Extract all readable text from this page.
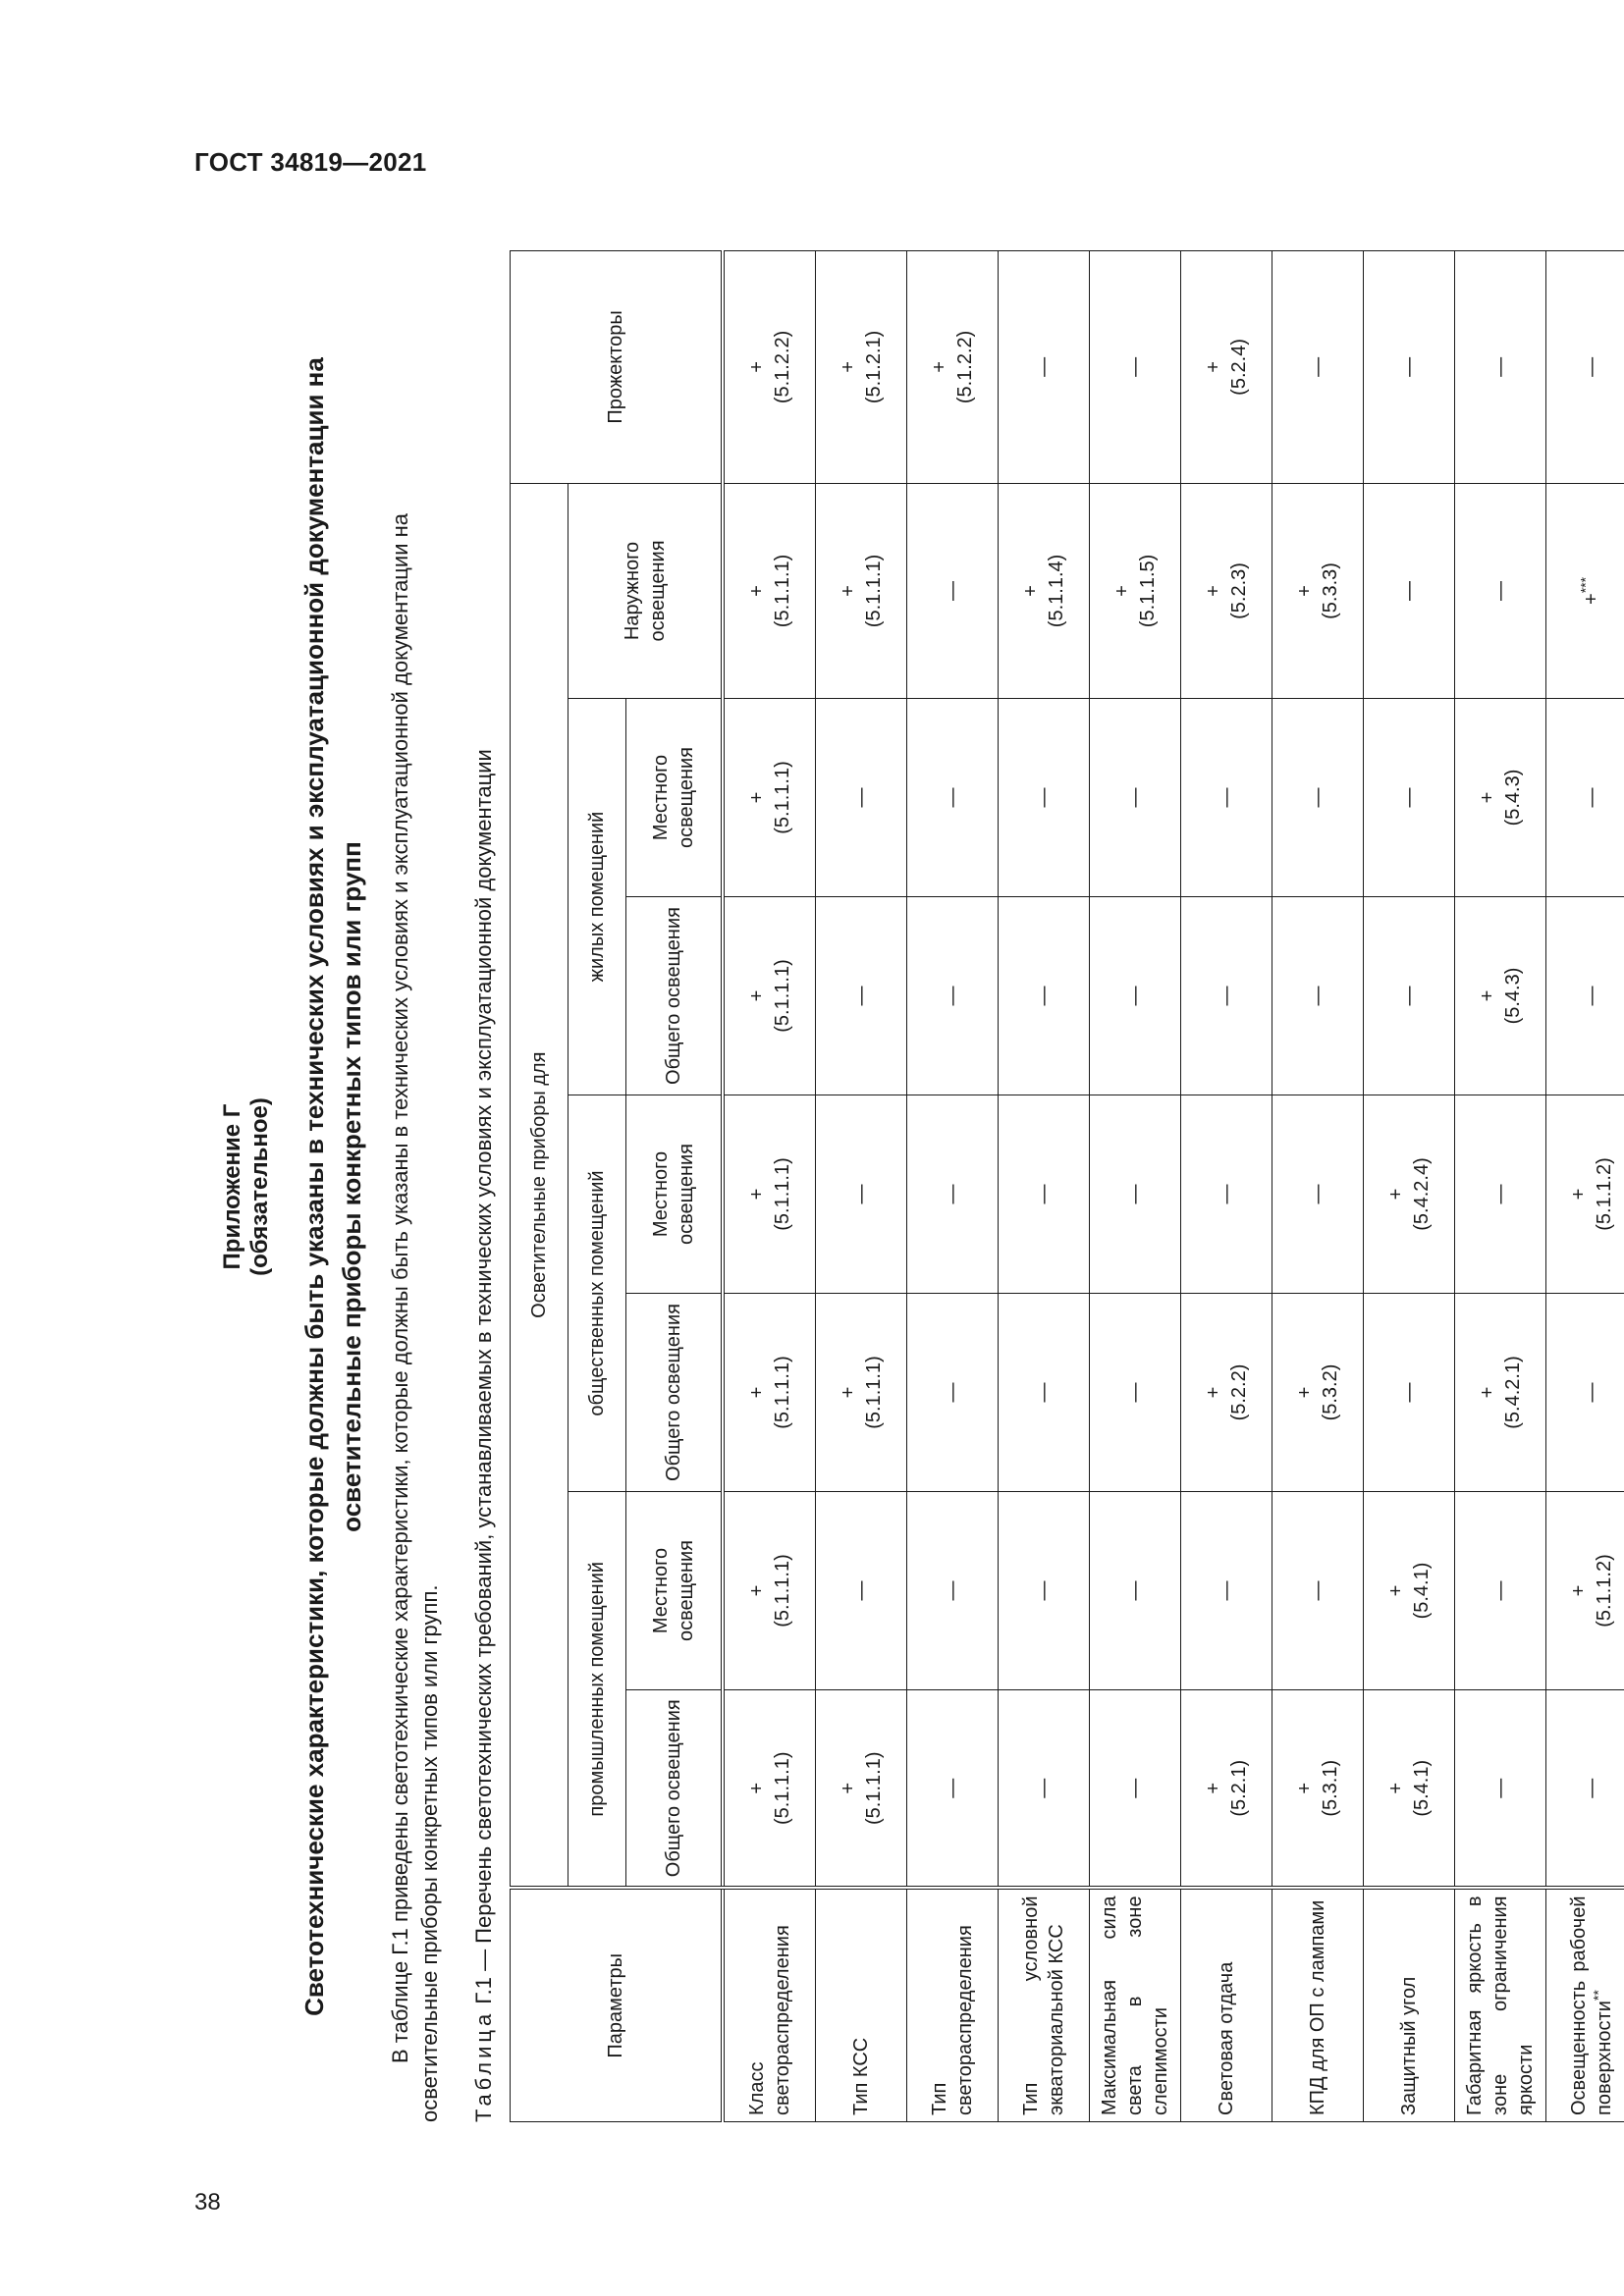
ГОСТ 34819—2021
38
Приложение Г (обязательное) Светотехнические характеристики, которые должны быть указаны в технических условиях и эксплуатационной документации на осветительные приборы конкретных типов или групп В таблице Г.1 приведены светотехнические характеристики, которые должны быть указаны в технических условиях и эксплуатационной документации на осветительные приборы конкретных типов или групп. Таблица Г.1 — Перечень светотехнических требований, устанавливаемых в технических условиях и эксплуатационной документации	Параметры	Осветительные приборы для							Прожекторы
	промышленных помещений		общественных помещений		жилых помещений		Наружного освещения	
	Общего освещения	Местного освещения	Общего освещения	Местного освещения	Общего освещения	Местного освещения		
Класс светораспределения	+ (5.1.1.1)	+ (5.1.1.1)	+ (5.1.1.1)	+ (5.1.1.1)	+ (5.1.1.1)	+ (5.1.1.1)	+ (5.1.1.1)	+ (5.1.2.2)

Тип КСС	+ (5.1.1.1)	—	+ (5.1.1.1)	—	—	—	+ (5.1.1.1)	+ (5.1.2.1)

Тип светораспределения	—	—	—	—	—	—	—	+ (5.1.2.2)

Тип условной экваториальной КСС	—	—	—	—	—	—	+ (5.1.1.4)	—

Максимальная сила света в зоне слепимости	—	—	—	—	—	—	+ (5.1.1.5)	—

Световая отдача	+ (5.2.1)	—	+ (5.2.2)	—	—	—	+ (5.2.3)	+ (5.2.4)

КПД для ОП с лампами	+ (5.3.1)	—	+ (5.3.2)	—	—	—	+ (5.3.3)	—

Защитный угол	+ (5.4.1)	+ (5.4.1)	—	+ (5.4.2.4)	—	—	—	—

Габаритная яркость в зоне ограничения яркости	—	—	+ (5.4.2.1)	—	+ (5.4.3)	+ (5.4.3)	—	—

Освещенность рабочей поверхности**	—	+ (5.1.1.2)	—	+ (5.1.1.2)	—	—	+***	—
